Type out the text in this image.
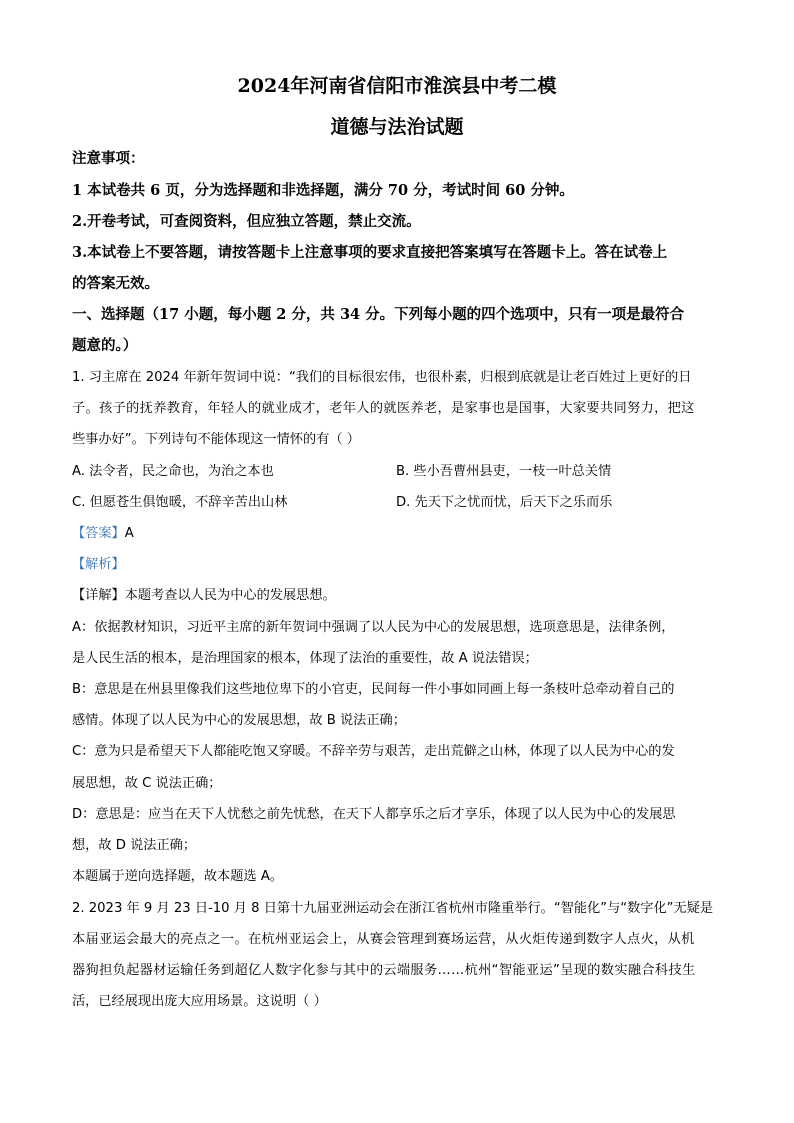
2024年河南省信阳市淮滨县中考二模
道德与法治试题
注意事项：
1 本试卷共 6 页，分为选择题和非选择题，满分 70 分，考试时间 60 分钟。
2.开卷考试，可查阅资料，但应独立答题，禁止交流。
3.本试卷上不要答题，请按答题卡上注意事项的要求直接把答案填写在答题卡上。答在试卷上
的答案无效。
一、选择题（17 小题，每小题 2 分，共 34 分。下列每小题的四个选项中，只有一项是最符合
题意的。）
1. 习主席在 2024 年新年贺词中说：“我们的目标很宏伟，也很朴素，归根到底就是让老百姓过上更好的日
子。孩子的抚养教育，年轻人的就业成才，老年人的就医养老，是家事也是国事，大家要共同努力，把这
些事办好”。下列诗句不能体现这一情怀的有（ ）
A. 法令者，民之命也，为治之本也	B. 些小吾曹州县吏，一枝一叶总关情
C. 但愿苍生俱饱暖，不辞辛苦出山林	D. 先天下之忧而忧，后天下之乐而乐
【答案】A
【解析】
【详解】本题考查以人民为中心的发展思想。
A：依据教材知识，习近平主席的新年贺词中强调了以人民为中心的发展思想，选项意思是，法律条例，
是人民生活的根本，是治理国家的根本，体现了法治的重要性，故 A 说法错误；
B：意思是在州县里像我们这些地位卑下的小官吏，民间每一件小事如同画上每一条枝叶总牵动着自己的
感情。体现了以人民为中心的发展思想，故 B 说法正确；
C：意为只是希望天下人都能吃饱又穿暖。不辞辛劳与艰苦，走出荒僻之山林，体现了以人民为中心的发
展思想，故 C 说法正确；
D：意思是：应当在天下人忧愁之前先忧愁，在天下人都享乐之后才享乐，体现了以人民为中心的发展思
想，故 D 说法正确；
本题属于逆向选择题，故本题选 A。
2. 2023 年 9 月 23 日-10 月 8 日第十九届亚洲运动会在浙江省杭州市隆重举行。“智能化”与“数字化”无疑是
本届亚运会最大的亮点之一。在杭州亚运会上，从赛会管理到赛场运营，从火炬传递到数字人点火，从机
器狗担负起器材运输任务到超亿人数字化参与其中的云端服务……杭州“智能亚运”呈现的数实融合科技生
活，已经展现出庞大应用场景。这说明（ ）
